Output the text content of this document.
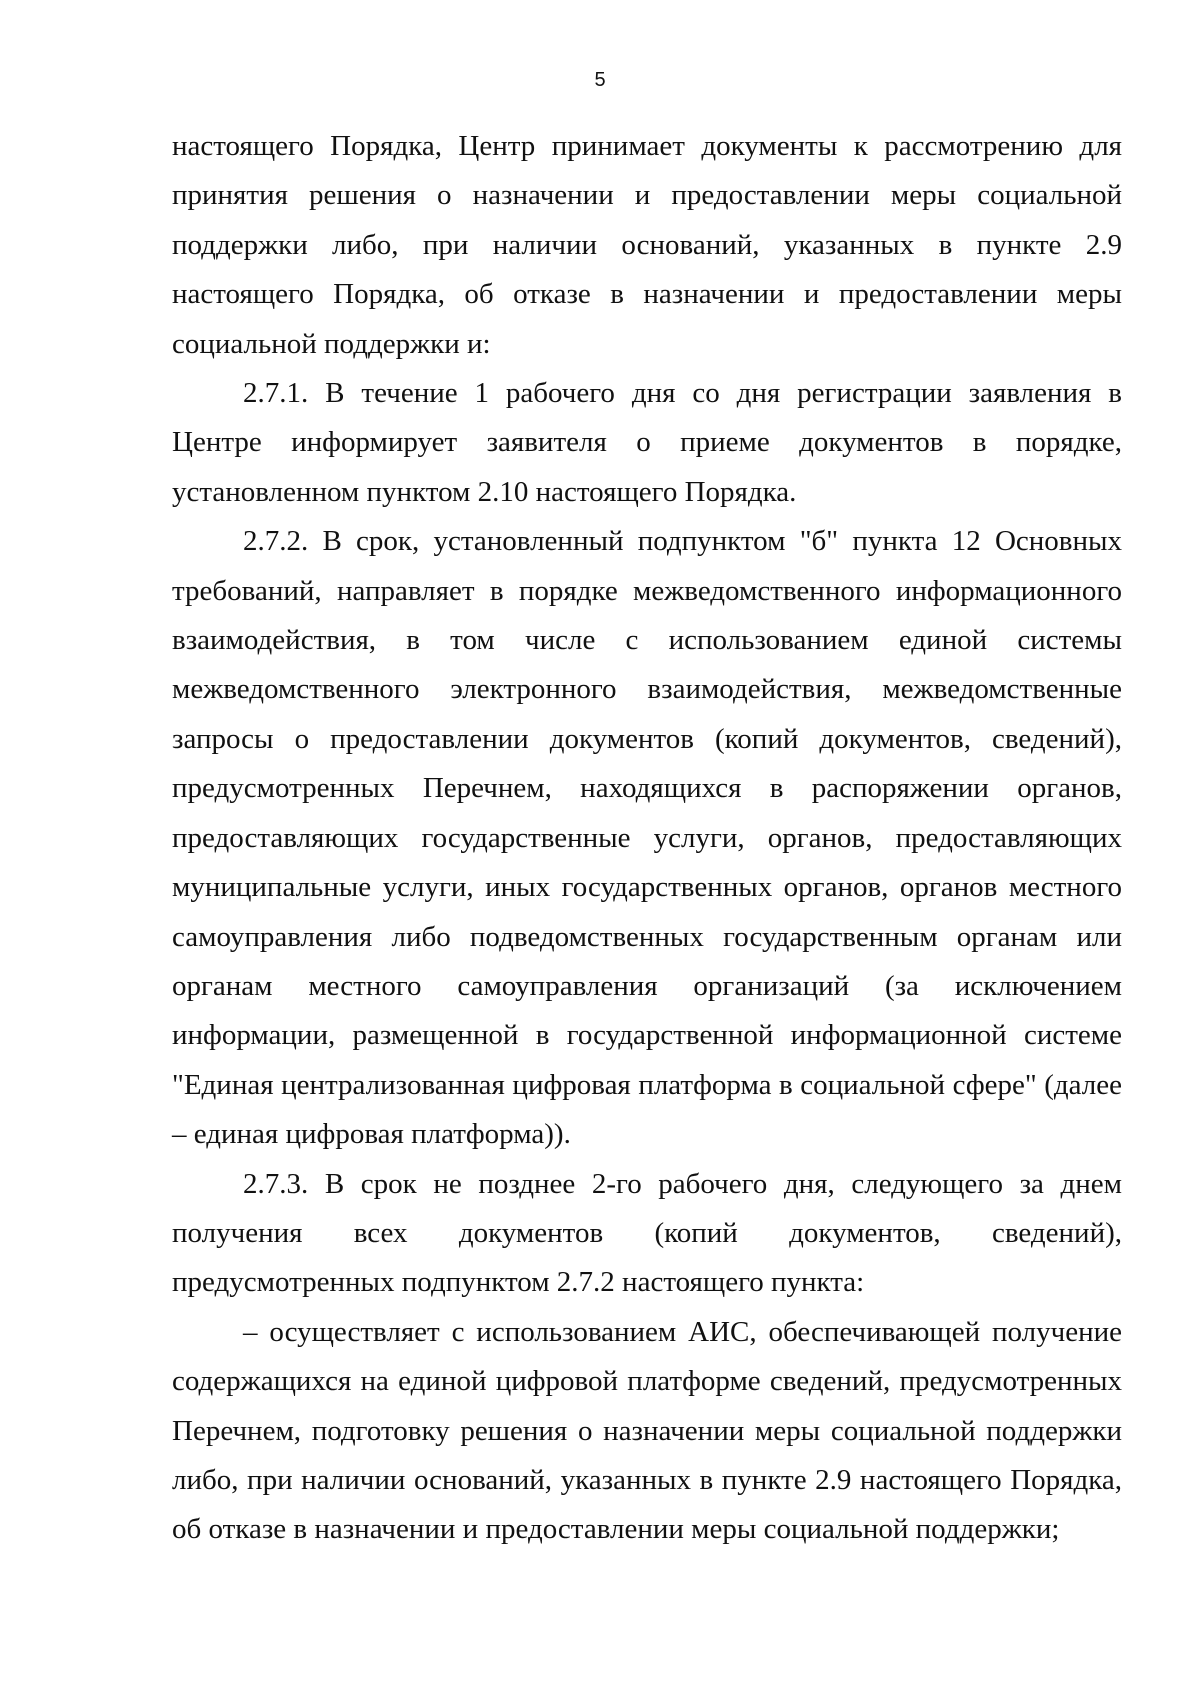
5

настоящего Порядка, Центр принимает документы к рассмотрению для принятия решения о назначении и предоставлении меры социальной поддержки либо, при наличии оснований, указанных в пункте 2.9 настоящего Порядка, об отказе в назначении и предоставлении меры социальной поддержки и:

2.7.1. В течение 1 рабочего дня со дня регистрации заявления в Центре информирует заявителя о приеме документов в порядке, установленном пунктом 2.10 настоящего Порядка.

2.7.2. В срок, установленный подпунктом "б" пункта 12 Основных требований, направляет в порядке межведомственного информационного взаимодействия, в том числе с использованием единой системы межведомственного электронного взаимодействия, межведомственные запросы о предоставлении документов (копий документов, сведений), предусмотренных Перечнем, находящихся в распоряжении органов, предоставляющих государственные услуги, органов, предоставляющих муниципальные услуги, иных государственных органов, органов местного самоуправления либо подведомственных государственным органам или органам местного самоуправления организаций (за исключением информации, размещенной в государственной информационной системе "Единая централизованная цифровая платформа в социальной сфере" (далее – единая цифровая платформа)).

2.7.3. В срок не позднее 2-го рабочего дня, следующего за днем получения всех документов (копий документов, сведений), предусмотренных подпунктом 2.7.2 настоящего пункта:

– осуществляет с использованием АИС, обеспечивающей получение содержащихся на единой цифровой платформе сведений, предусмотренных Перечнем, подготовку решения о назначении меры социальной поддержки либо, при наличии оснований, указанных в пункте 2.9 настоящего Порядка, об отказе в назначении и предоставлении меры социальной поддержки;
